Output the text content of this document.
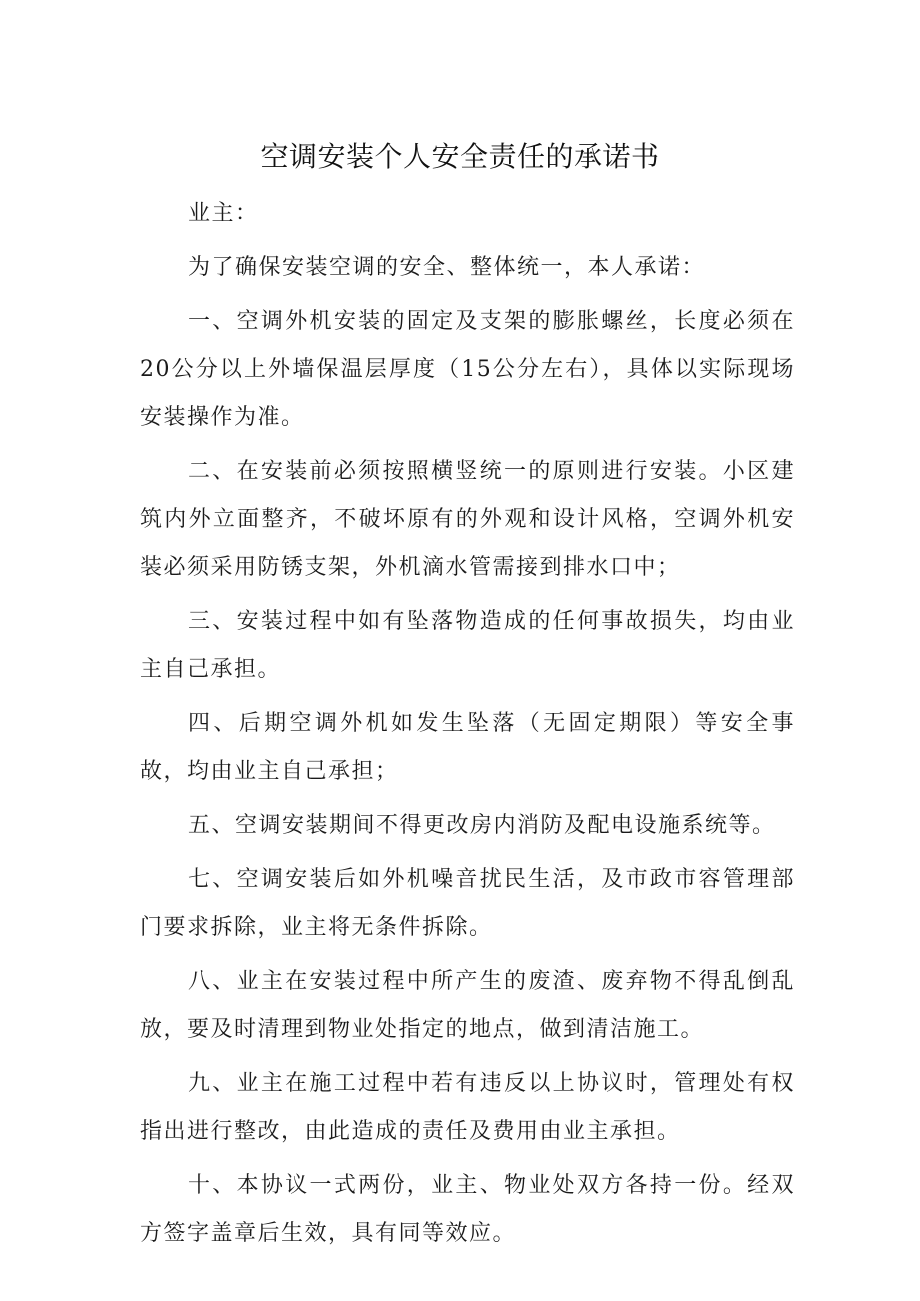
空调安装个人安全责任的承诺书

业主：

为了确保安装空调的安全、整体统一，本人承诺：

一、空调外机安装的固定及支架的膨胀螺丝，长度必须在20公分以上外墙保温层厚度（15公分左右），具体以实际现场安装操作为准。

二、在安装前必须按照横竖统一的原则进行安装。小区建筑内外立面整齐，不破坏原有的外观和设计风格，空调外机安装必须采用防锈支架，外机滴水管需接到排水口中；

三、安装过程中如有坠落物造成的任何事故损失，均由业主自己承担。

四、后期空调外机如发生坠落（无固定期限）等安全事故，均由业主自己承担；

五、空调安装期间不得更改房内消防及配电设施系统等。

七、空调安装后如外机噪音扰民生活，及市政市容管理部门要求拆除，业主将无条件拆除。

八、业主在安装过程中所产生的废渣、废弃物不得乱倒乱放，要及时清理到物业处指定的地点，做到清洁施工。

九、业主在施工过程中若有违反以上协议时，管理处有权指出进行整改，由此造成的责任及费用由业主承担。

十、本协议一式两份，业主、物业处双方各持一份。经双方签字盖章后生效，具有同等效应。
